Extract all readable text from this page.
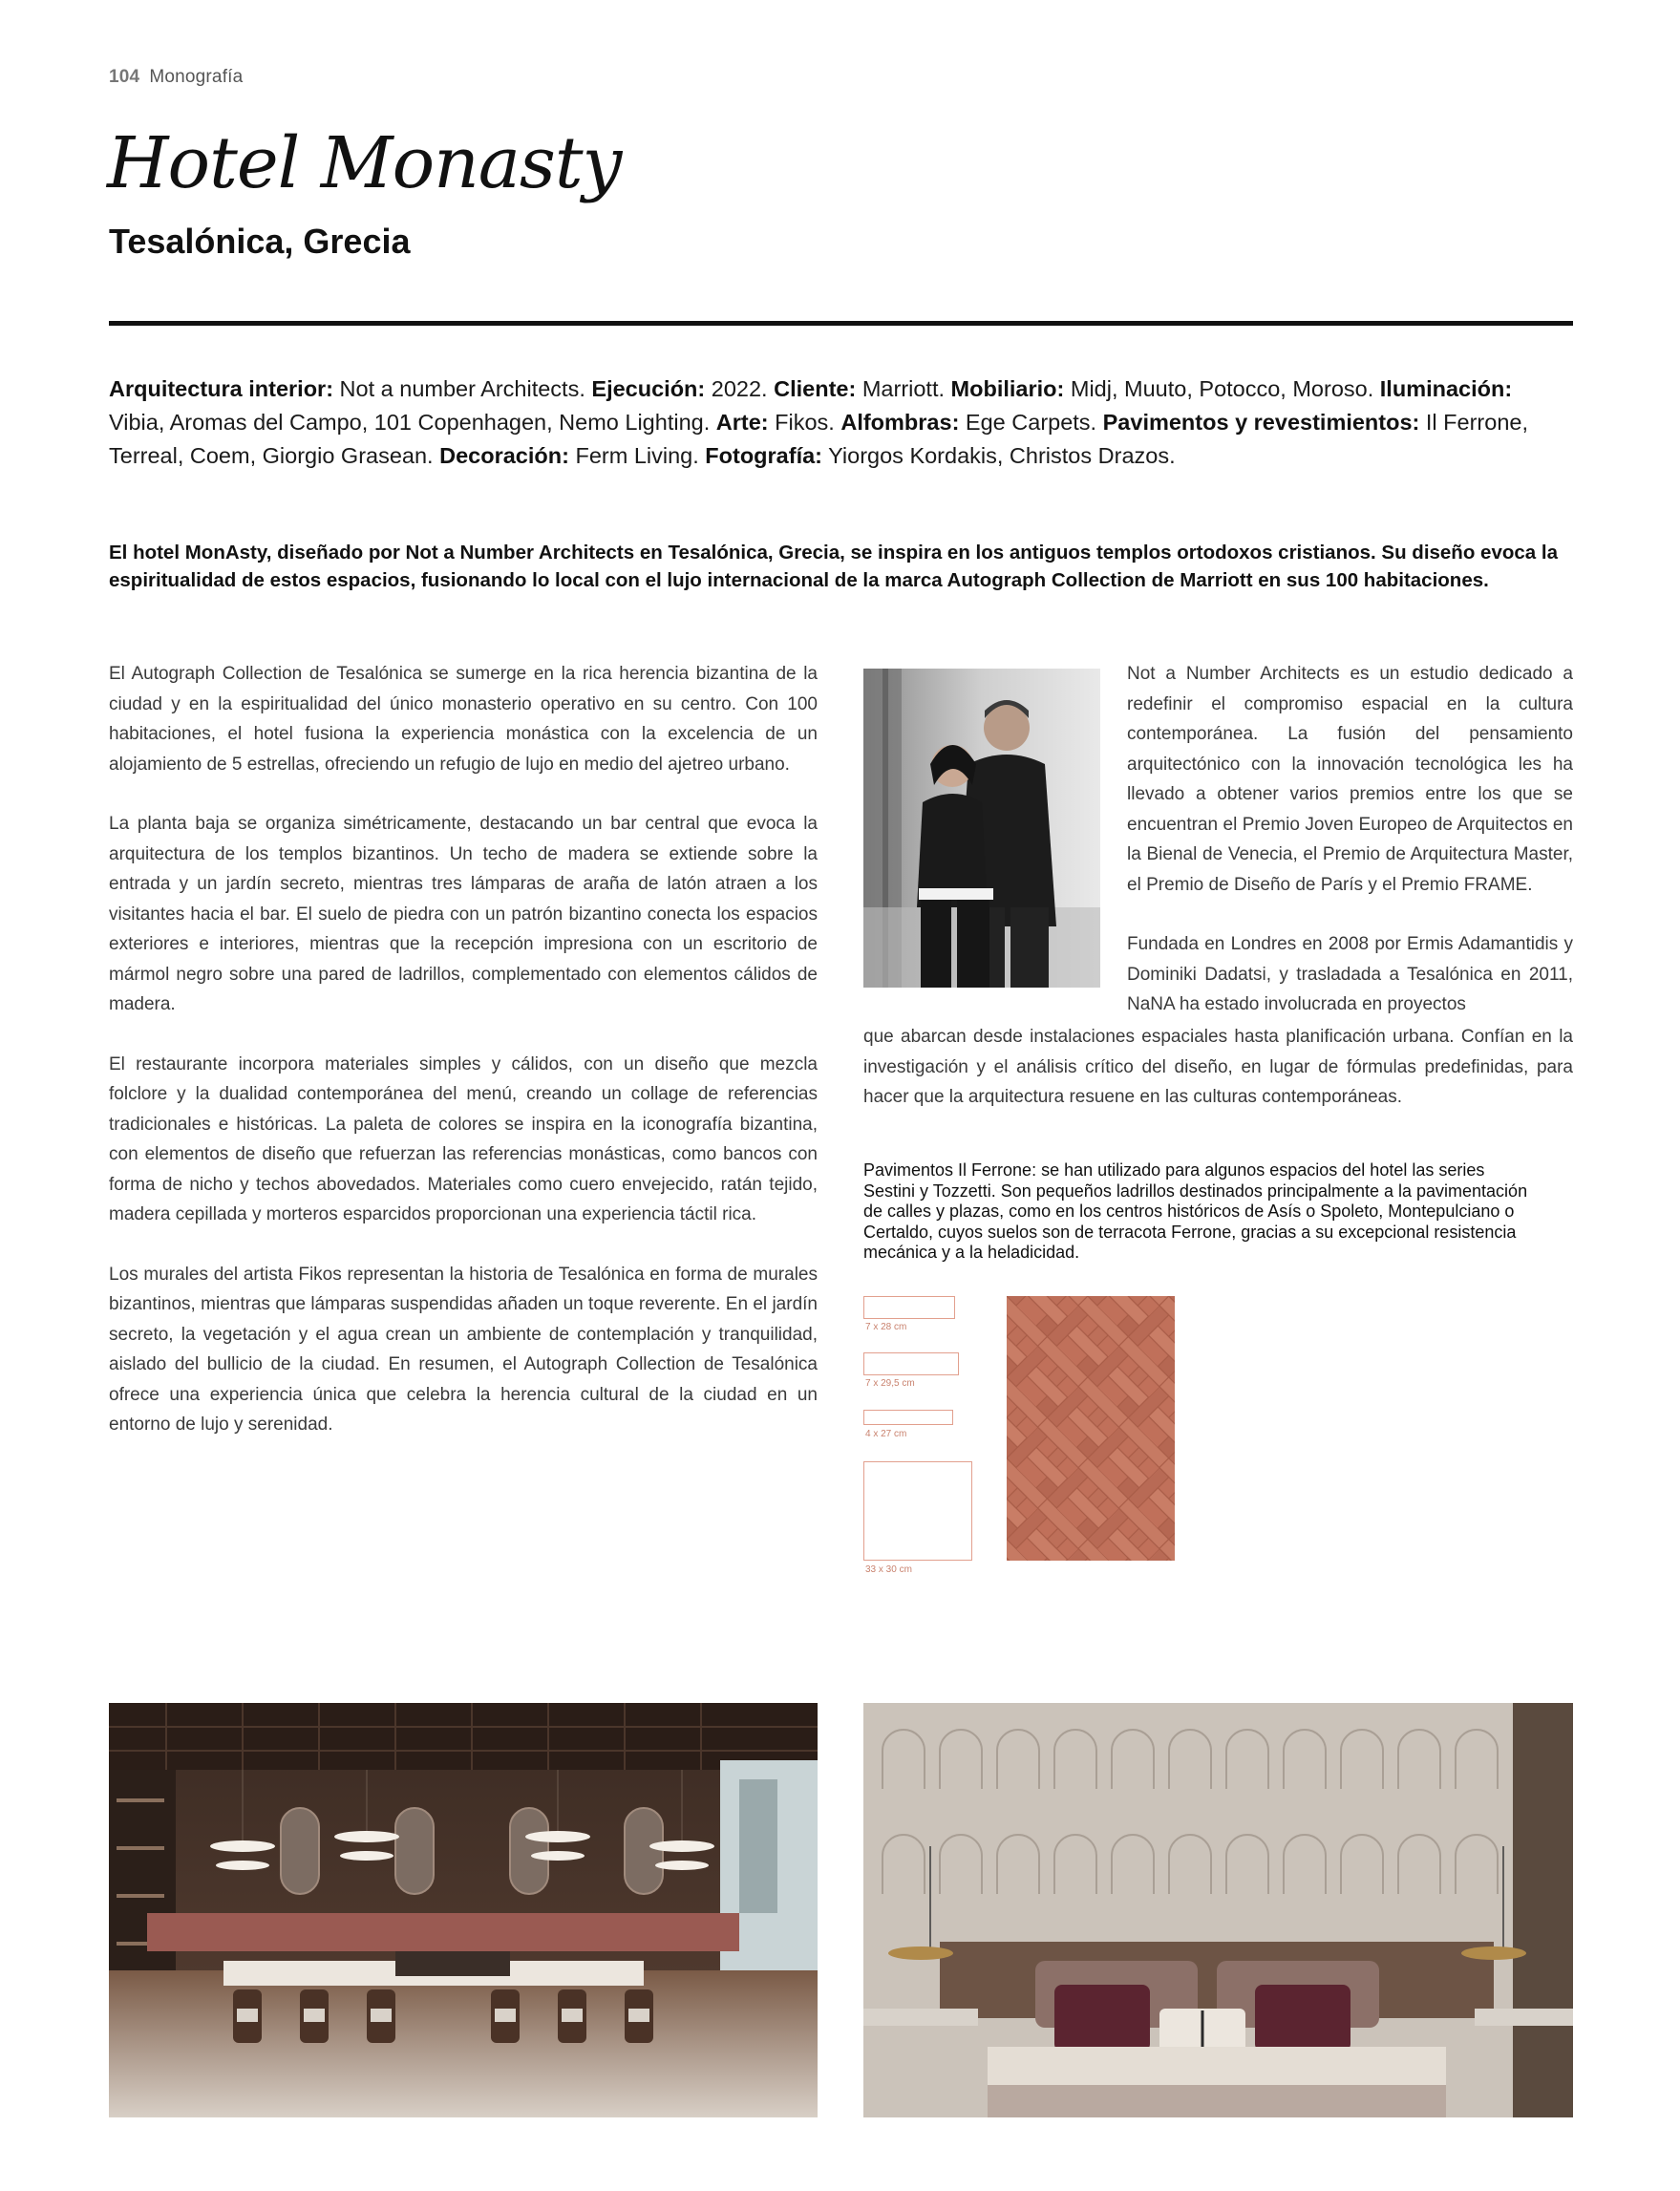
104 Monografía
Hotel Monasty
Tesalónica, Grecia
Arquitectura interior: Not a number Architects. Ejecución: 2022. Cliente: Marriott. Mobiliario: Midj, Muuto, Potocco, Moroso. Iluminación: Vibia, Aromas del Campo, 101 Copenhagen, Nemo Lighting. Arte: Fikos. Alfombras: Ege Carpets. Pavimentos y revestimientos: Il Ferrone, Terreal, Coem, Giorgio Grasean. Decoración: Ferm Living. Fotografía: Yiorgos Kordakis, Christos Drazos.
El hotel MonAsty, diseñado por Not a Number Architects en Tesalónica, Grecia, se inspira en los antiguos templos ortodoxos cristianos. Su diseño evoca la espiritualidad de estos espacios, fusionando lo local con el lujo internacional de la marca Autograph Collection de Marriott en sus 100 habitaciones.

El Autograph Collection de Tesalónica se sumerge en la rica herencia bizantina de la ciudad y en la espiritualidad del único monasterio operativo en su centro. Con 100 habitaciones, el hotel fusiona la experiencia monástica con la excelencia de un alojamiento de 5 estrellas, ofreciendo un refugio de lujo en medio del ajetreo urbano.

La planta baja se organiza simétricamente, destacando un bar central que evoca la arquitectura de los templos bizantinos. Un techo de madera se extiende sobre la entrada y un jardín secreto, mientras tres lámparas de araña de latón atraen a los visitantes hacia el bar. El suelo de piedra con un patrón bizantino conecta los espacios exteriores e interiores, mientras que la recepción impresiona con un escritorio de mármol negro sobre una pared de ladrillos, complementado con elementos cálidos de madera.

El restaurante incorpora materiales simples y cálidos, con un diseño que mezcla folclore y la dualidad contemporánea del menú, creando un collage de referencias tradicionales e históricas. La paleta de colores se inspira en la iconografía bizantina, con elementos de diseño que refuerzan las referencias monásticas, como bancos con forma de nicho y techos abovedados. Materiales como cuero envejecido, ratán tejido, madera cepillada y morteros esparcidos proporcionan una experiencia táctil rica.

Los murales del artista Fikos representan la historia de Tesalónica en forma de murales bizantinos, mientras que lámparas suspendidas añaden un toque reverente. En el jardín secreto, la vegetación y el agua crean un ambiente de contemplación y tranquilidad, aislado del bullicio de la ciudad. En resumen, el Autograph Collection de Tesalónica ofrece una experiencia única que celebra la herencia cultural de la ciudad en un entorno de lujo y serenidad.

Not a Number Architects es un estudio dedicado a redefinir el compromiso espacial en la cultura contemporánea. La fusión del pensamiento arquitectónico con la innovación tecnológica les ha llevado a obtener varios premios entre los que se encuentran el Premio Joven Europeo de Arquitectos en la Bienal de Venecia, el Premio de Arquitectura Master, el Premio de Diseño de París y el Premio FRAME.

Fundada en Londres en 2008 por Ermis Adamantidis y Dominiki Dadatsi, y trasladada a Tesalónica en 2011, NaNA ha estado involucrada en proyectos

que abarcan desde instalaciones espaciales hasta planificación urbana. Confían en la investigación y el análisis crítico del diseño, en lugar de fórmulas predefinidas, para hacer que la arquitectura resuene en las culturas contemporáneas.
Pavimentos Il Ferrone: se han utilizado para algunos espacios del hotel las series Sestini y Tozzetti. Son pequeños ladrillos destinados principalmente a la pavimentación de calles y plazas, como en los centros históricos de Asís o Spoleto, Montepulciano o Certaldo, cuyos suelos son de terracota Ferrone, gracias a su excepcional resistencia mecánica y a la heladicidad.
7 x 28 cm
7 x 29,5 cm
4 x 27 cm
33 x 30 cm
